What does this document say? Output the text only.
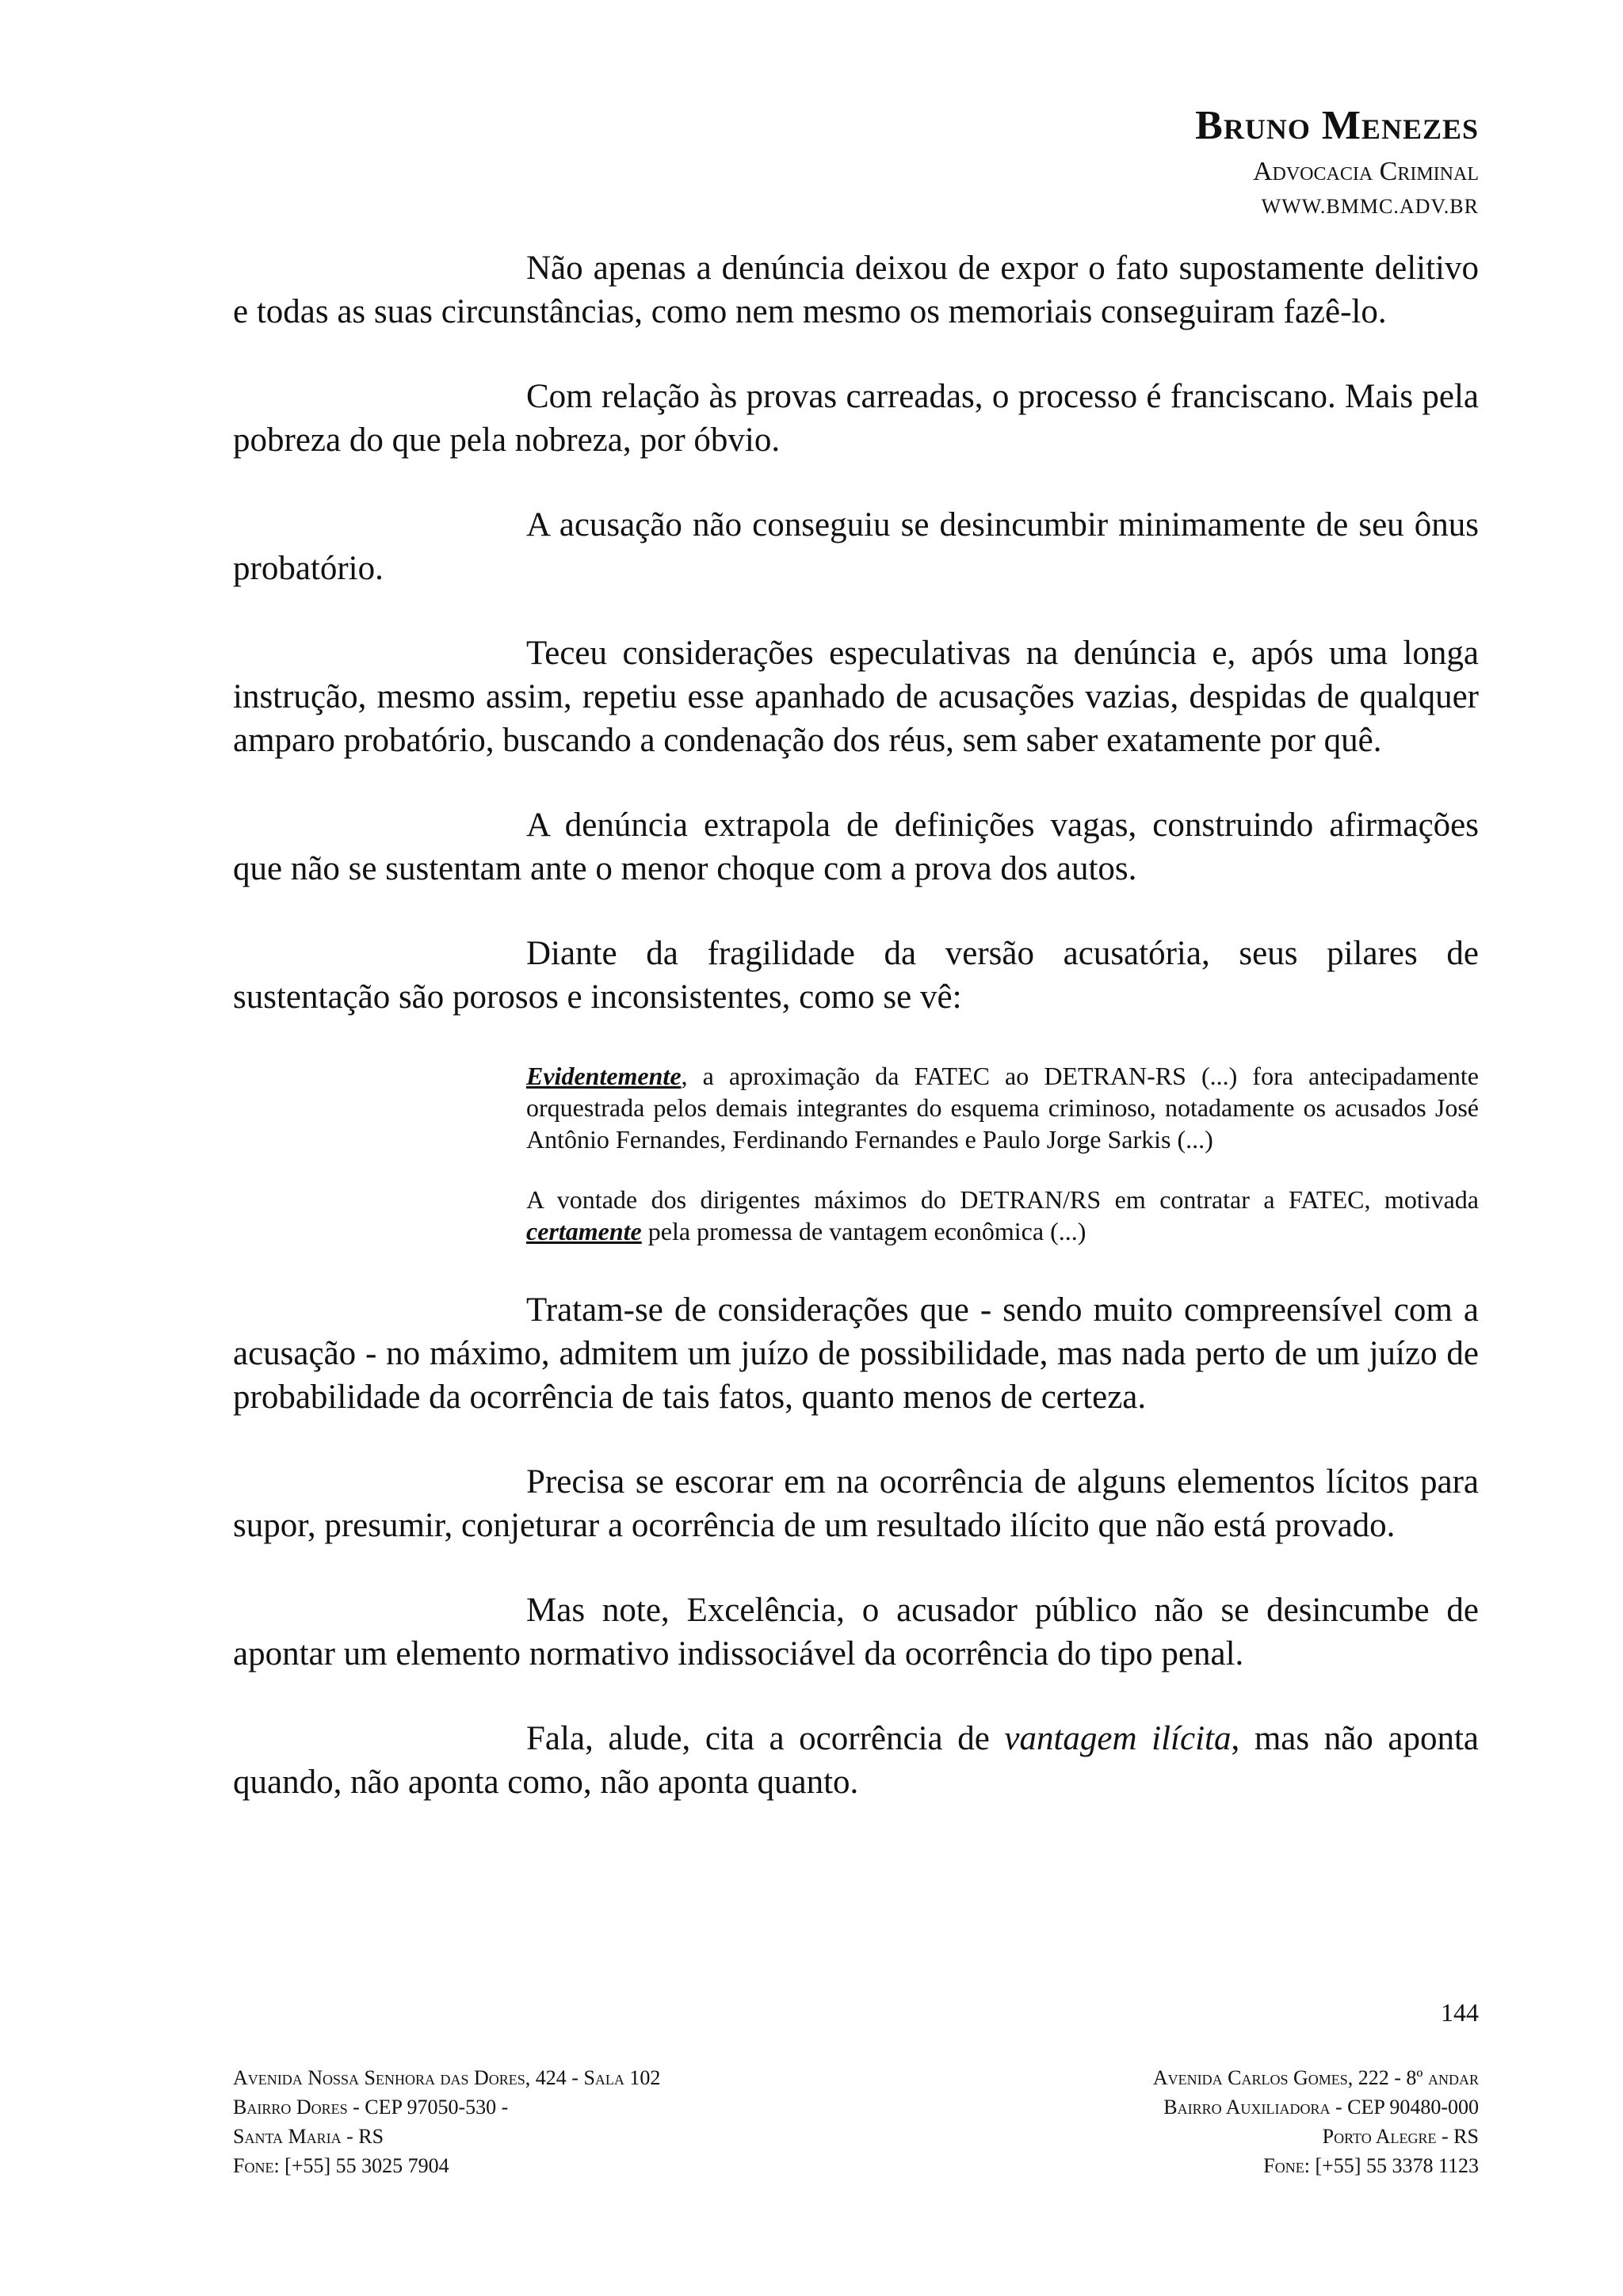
Bruno Menezes
Advocacia Criminal
WWW.BMMC.ADV.BR

Não apenas a denúncia deixou de expor o fato supostamente delitivo e todas as suas circunstâncias, como nem mesmo os memoriais conseguiram fazê-lo.

Com relação às provas carreadas, o processo é franciscano. Mais pela pobreza do que pela nobreza, por óbvio.

A acusação não conseguiu se desincumbir minimamente de seu ônus probatório.

Teceu considerações especulativas na denúncia e, após uma longa instrução, mesmo assim, repetiu esse apanhado de acusações vazias, despidas de qualquer amparo probatório, buscando a condenação dos réus, sem saber exatamente por quê.

A denúncia extrapola de definições vagas, construindo afirmações que não se sustentam ante o menor choque com a prova dos autos.

Diante da fragilidade da versão acusatória, seus pilares de sustentação são porosos e inconsistentes, como se vê:

Evidentemente, a aproximação da FATEC ao DETRAN-RS (...) fora antecipadamente orquestrada pelos demais integrantes do esquema criminoso, notadamente os acusados José Antônio Fernandes, Ferdinando Fernandes e Paulo Jorge Sarkis (...)

A vontade dos dirigentes máximos do DETRAN/RS em contratar a FATEC, motivada certamente pela promessa de vantagem econômica (...)

Tratam-se de considerações que - sendo muito compreensível com a acusação - no máximo, admitem um juízo de possibilidade, mas nada perto de um juízo de probabilidade da ocorrência de tais fatos, quanto menos de certeza.

Precisa se escorar em na ocorrência de alguns elementos lícitos para supor, presumir, conjeturar a ocorrência de um resultado ilícito que não está provado.

Mas note, Excelência, o acusador público não se desincumbe de apontar um elemento normativo indissociável da ocorrência do tipo penal.

Fala, alude, cita a ocorrência de vantagem ilícita, mas não aponta quando, não aponta como, não aponta quanto.

144
Avenida Nossa Senhora das Dores, 424 - Sala 102
Bairro Dores - CEP 97050-530 -
Santa Maria - RS
Fone: [+55] 55 3025 7904
Avenida Carlos Gomes, 222 - 8º andar
Bairro Auxiliadora - CEP 90480-000
Porto Alegre - RS
Fone: [+55] 55 3378 1123
